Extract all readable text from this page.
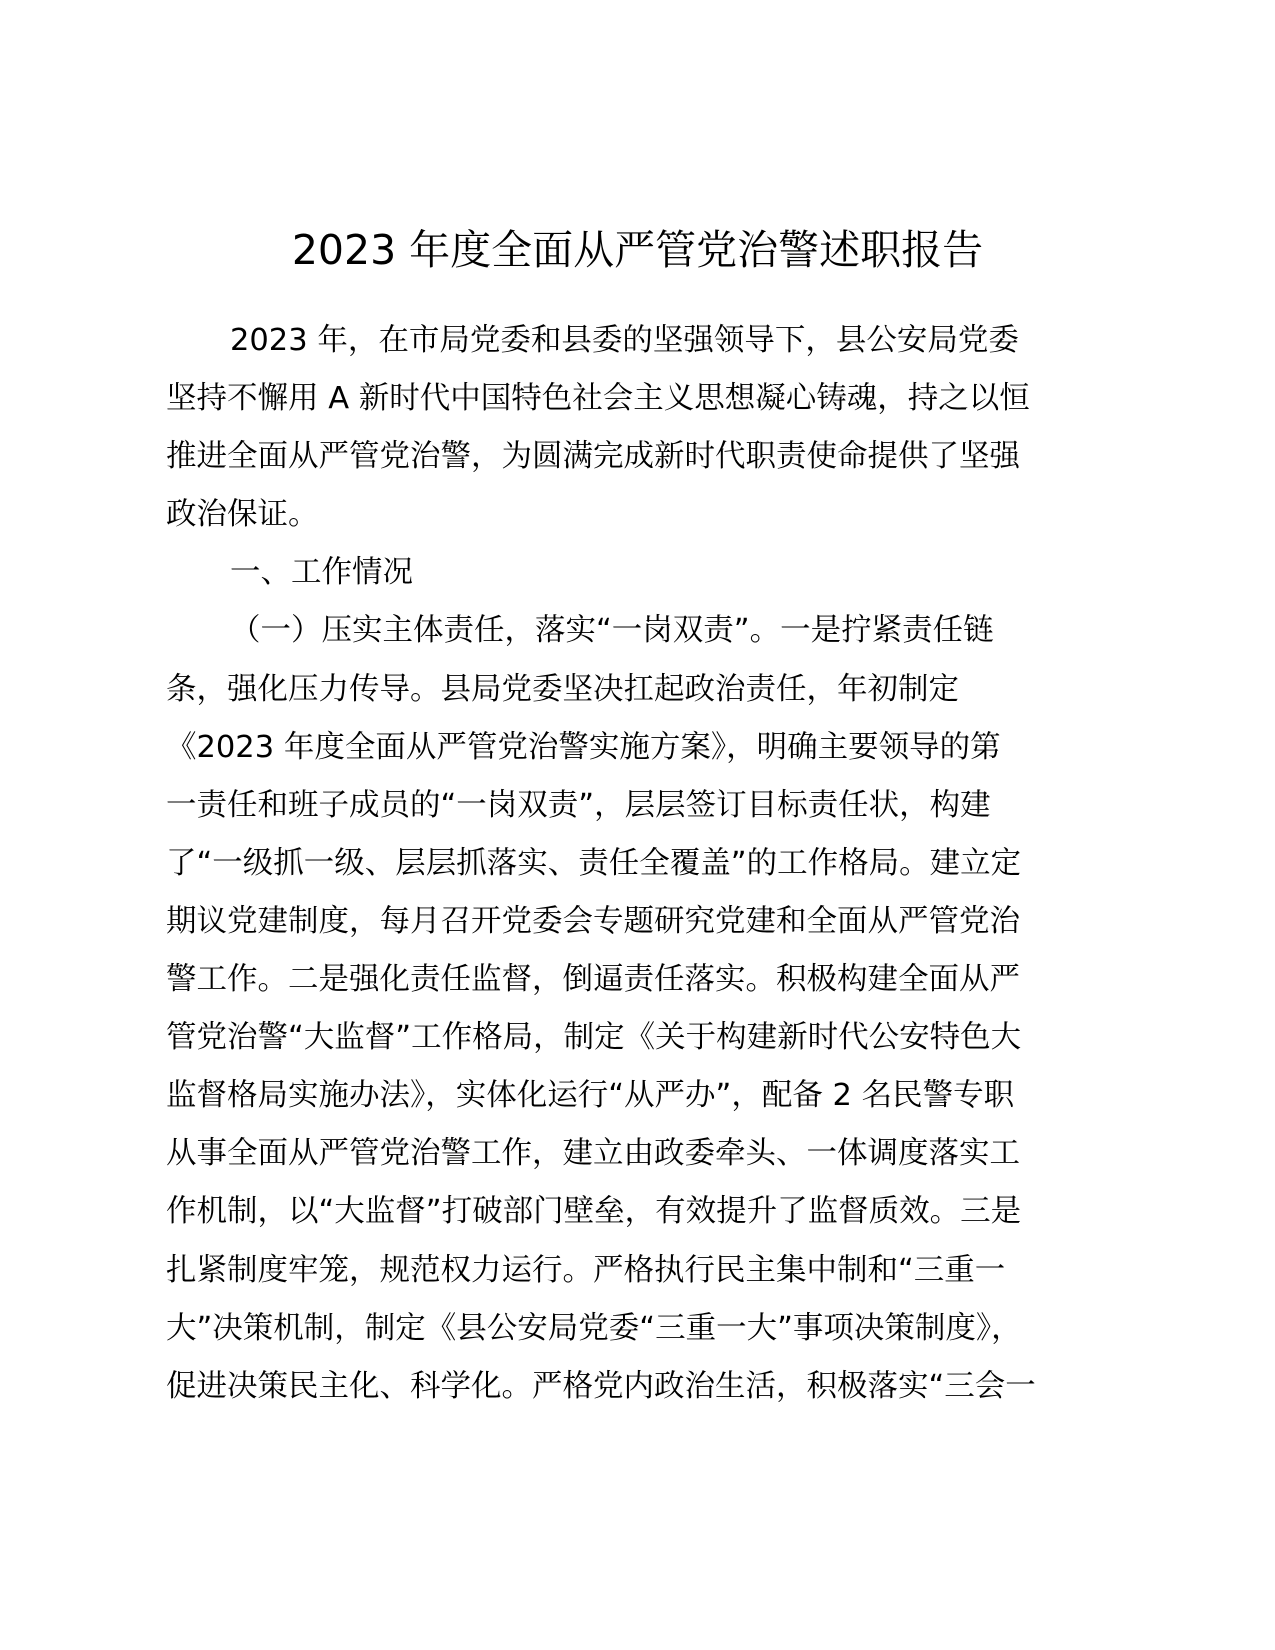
2023 年度全面从严管党治警述职报告
2023 年，在市局党委和县委的坚强领导下，县公安局党委
坚持不懈用 A 新时代中国特色社会主义思想凝心铸魂，持之以恒
推进全面从严管党治警，为圆满完成新时代职责使命提供了坚强
政治保证。
一、工作情况
（一）压实主体责任，落实“一岗双责”。一是拧紧责任链
条，强化压力传导。县局党委坚决扛起政治责任，年初制定
《2023 年度全面从严管党治警实施方案》，明确主要领导的第
一责任和班子成员的“一岗双责”，层层签订目标责任状，构建
了“一级抓一级、层层抓落实、责任全覆盖”的工作格局。建立定
期议党建制度，每月召开党委会专题研究党建和全面从严管党治
警工作。二是强化责任监督，倒逼责任落实。积极构建全面从严
管党治警“大监督”工作格局，制定《关于构建新时代公安特色大
监督格局实施办法》，实体化运行“从严办”，配备 2 名民警专职
从事全面从严管党治警工作，建立由政委牵头、一体调度落实工
作机制，以“大监督”打破部门壁垒，有效提升了监督质效。三是
扎紧制度牢笼，规范权力运行。严格执行民主集中制和“三重一
大”决策机制，制定《县公安局党委“三重一大”事项决策制度》，
促进决策民主化、科学化。严格党内政治生活，积极落实“三会一
